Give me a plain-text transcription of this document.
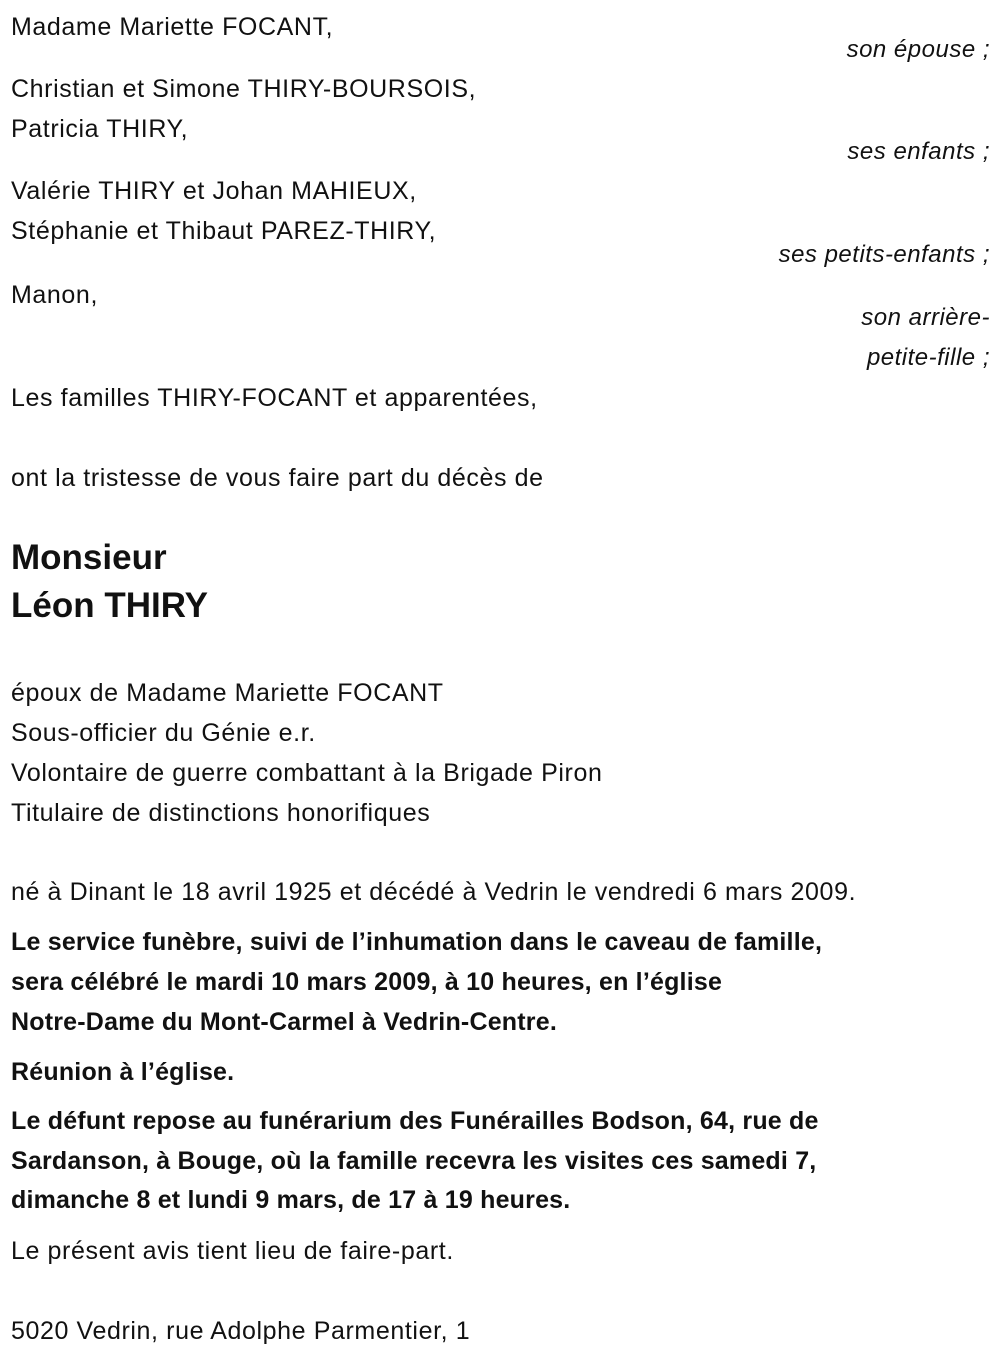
Madame Mariette FOCANT,
son épouse ;
Christian et Simone THIRY-BOURSOIS,
Patricia THIRY,
ses enfants ;
Valérie THIRY et Johan MAHIEUX,
Stéphanie et Thibaut PAREZ-THIRY,
ses petits-enfants ;
Manon,
son arrière-
petite-fille ;
Les familles THIRY-FOCANT et apparentées,
ont la tristesse de vous faire part du décès de
Monsieur
Léon THIRY
époux de Madame Mariette FOCANT
Sous-officier du Génie e.r.
Volontaire de guerre combattant à la Brigade Piron
Titulaire de distinctions honorifiques
né à Dinant le 18 avril 1925 et décédé à Vedrin le vendredi 6 mars 2009.
Le service funèbre, suivi de l’inhumation dans le caveau de famille,
sera célébré le mardi 10 mars 2009, à 10 heures, en l’église
Notre-Dame du Mont-Carmel à Vedrin-Centre.
Réunion à l’église.
Le défunt repose au funérarium des Funérailles Bodson, 64, rue de
Sardanson, à Bouge, où la famille recevra les visites ces samedi 7,
dimanche 8 et lundi 9 mars, de 17 à 19 heures.
Le présent avis tient lieu de faire-part.
5020 Vedrin, rue Adolphe Parmentier, 1
